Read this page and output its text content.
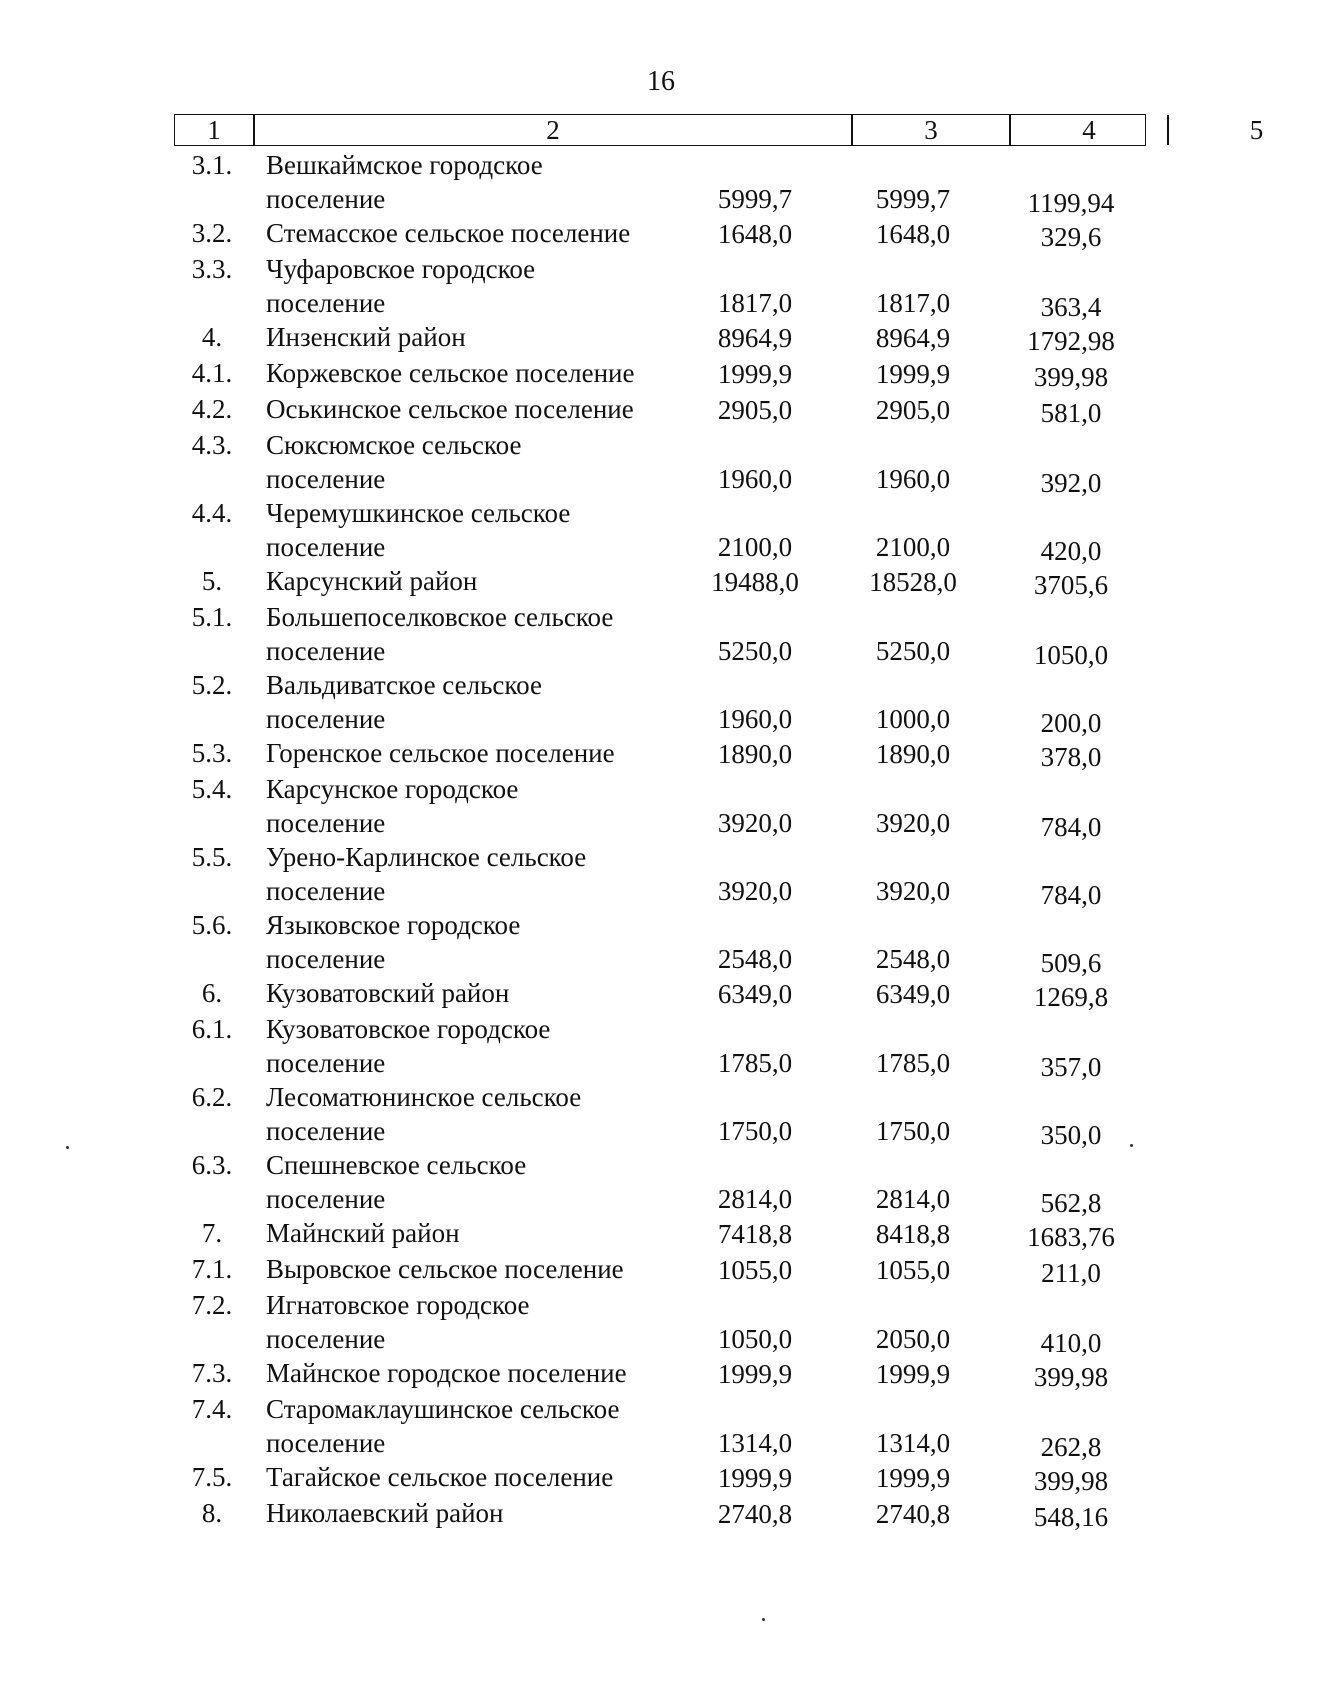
16
1	2	3	4	5
3.1.	Вешкаймское городское
поселение	5999,7	5999,7	1199,94
3.2.	Стемасское сельское поселение	1648,0	1648,0	329,6
3.3.	Чуфаровское городское
поселение	1817,0	1817,0	363,4
4.	Инзенский район	8964,9	8964,9	1792,98
4.1.	Коржевское сельское поселение	1999,9	1999,9	399,98
4.2.	Оськинское сельское поселение	2905,0	2905,0	581,0
4.3.	Сюксюмское сельское
поселение	1960,0	1960,0	392,0
4.4.	Черемушкинское сельское
поселение	2100,0	2100,0	420,0
5.	Карсунский район	19488,0	18528,0	3705,6
5.1.	Большепоселковское сельское
поселение	5250,0	5250,0	1050,0
5.2.	Вальдиватское сельское
поселение	1960,0	1000,0	200,0
5.3.	Горенское сельское поселение	1890,0	1890,0	378,0
5.4.	Карсунское городское
поселение	3920,0	3920,0	784,0
5.5.	Урено-Карлинское сельское
поселение	3920,0	3920,0	784,0
5.6.	Языковское городское
поселение	2548,0	2548,0	509,6
6.	Кузоватовский район	6349,0	6349,0	1269,8
6.1.	Кузоватовское городское
поселение	1785,0	1785,0	357,0
6.2.	Лесоматюнинское сельское
поселение	1750,0	1750,0	350,0
6.3.	Спешневское сельское
поселение	2814,0	2814,0	562,8
7.	Майнский район	7418,8	8418,8	1683,76
7.1.	Выровское сельское поселение	1055,0	1055,0	211,0
7.2.	Игнатовское городское
поселение	1050,0	2050,0	410,0
7.3.	Майнское городское поселение	1999,9	1999,9	399,98
7.4.	Старомаклаушинское сельское
поселение	1314,0	1314,0	262,8
7.5.	Тагайское сельское поселение	1999,9	1999,9	399,98
8.	Николаевский район	2740,8	2740,8	548,16
